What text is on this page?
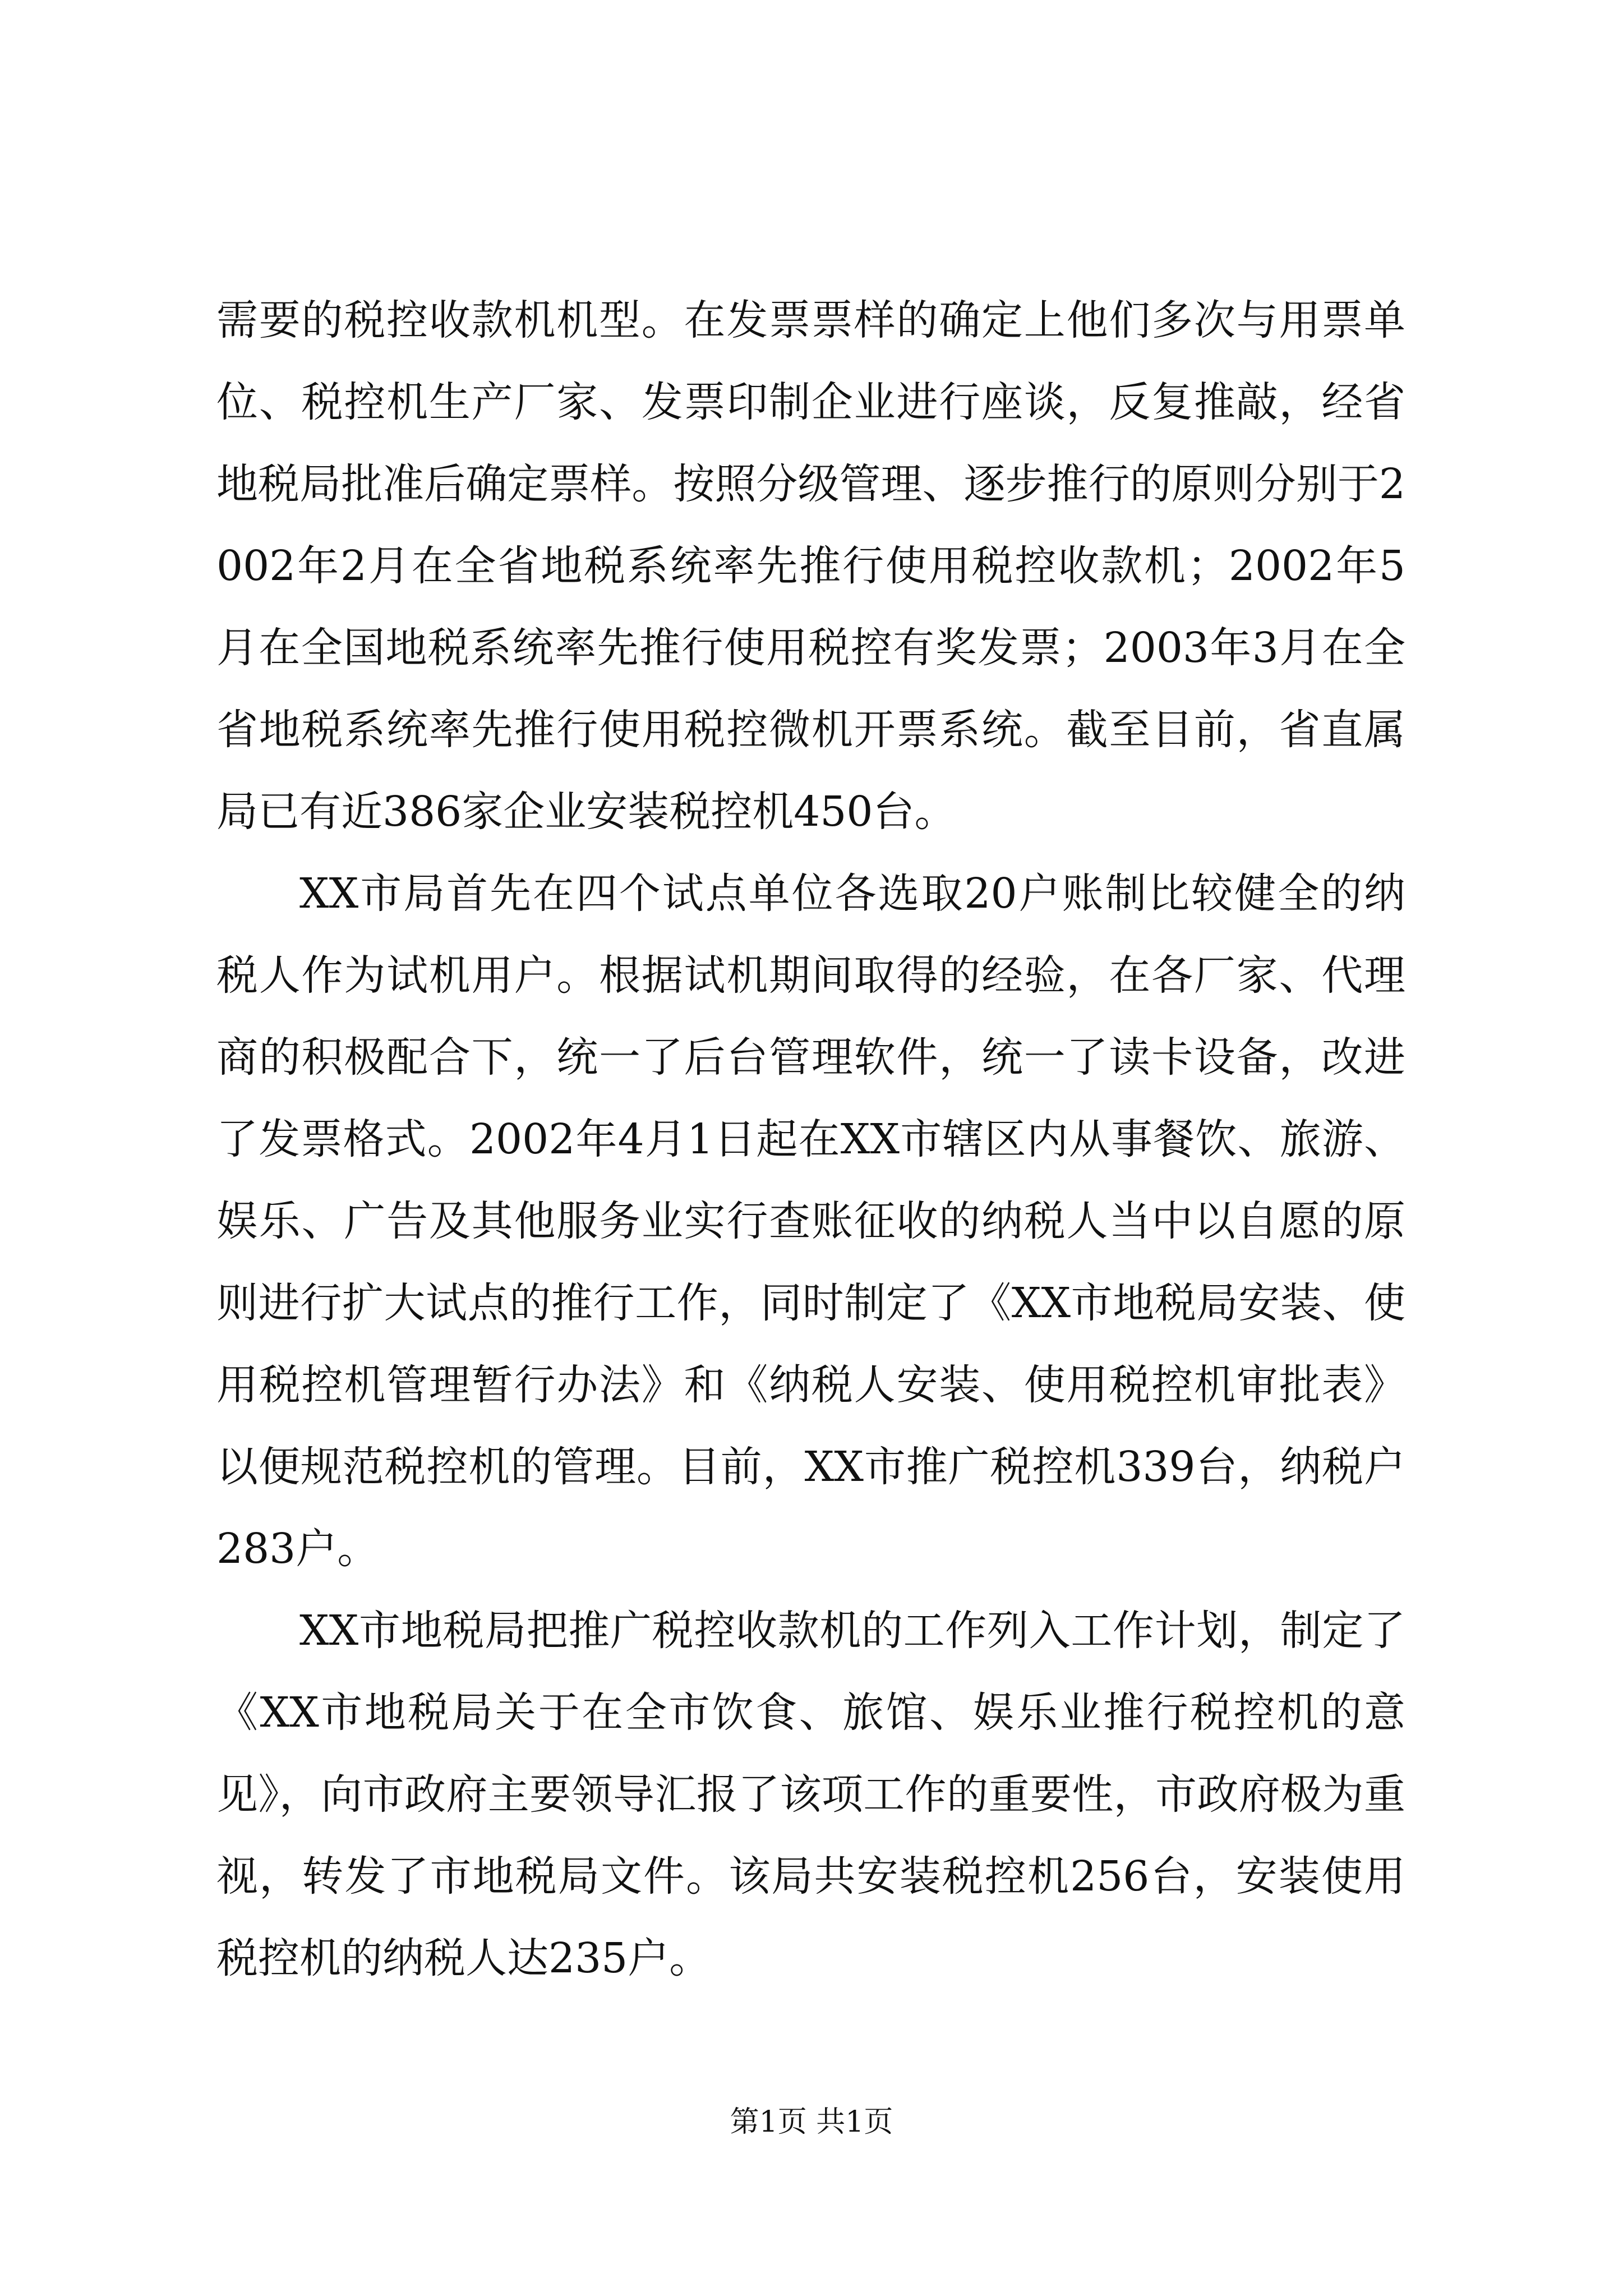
需要的税控收款机机型。在发票票样的确定上他们多次与用票单位、税控机生产厂家、发票印制企业进行座谈，反复推敲，经省地税局批准后确定票样。按照分级管理、逐步推行的原则分别于2002年2月在全省地税系统率先推行使用税控收款机；2002年5月在全国地税系统率先推行使用税控有奖发票；2003年3月在全省地税系统率先推行使用税控微机开票系统。截至目前，省直属局已有近386家企业安装税控机450台。

XX市局首先在四个试点单位各选取20户账制比较健全的纳税人作为试机用户。根据试机期间取得的经验，在各厂家、代理商的积极配合下，统一了后台管理软件，统一了读卡设备，改进了发票格式。2002年4月1日起在XX市辖区内从事餐饮、旅游、娱乐、广告及其他服务业实行查账征收的纳税人当中以自愿的原则进行扩大试点的推行工作，同时制定了《XX市地税局安装、使用税控机管理暂行办法》和《纳税人安装、使用税控机审批表》以便规范税控机的管理。目前，XX市推广税控机339台，纳税户283户。

XX市地税局把推广税控收款机的工作列入工作计划，制定了《XX市地税局关于在全市饮食、旅馆、娱乐业推行税控机的意见》，向市政府主要领导汇报了该项工作的重要性，市政府极为重视，转发了市地税局文件。该局共安装税控机256台，安装使用税控机的纳税人达235户。

第1页 共1页
